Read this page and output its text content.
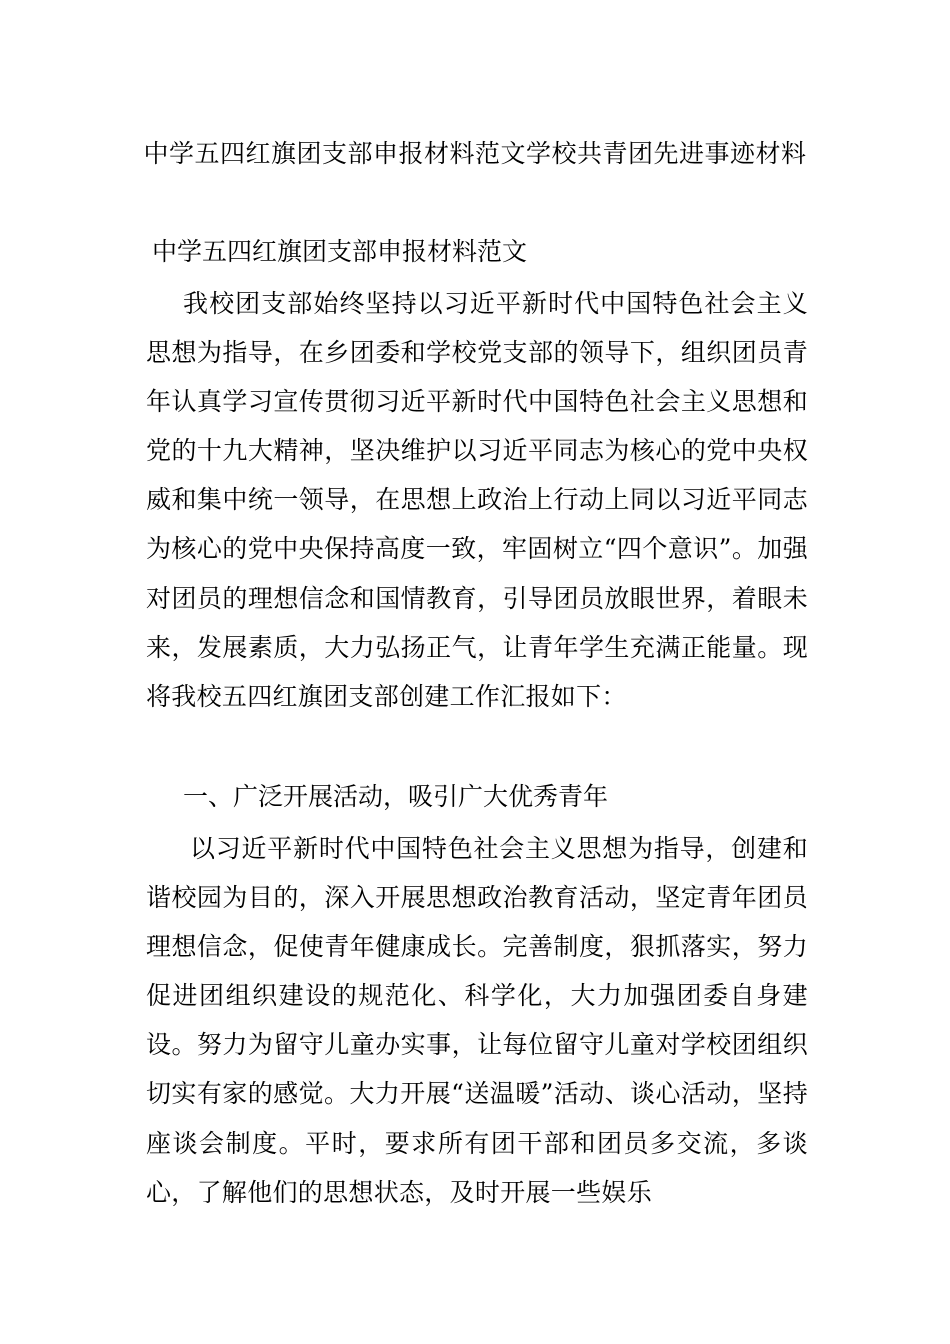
中学五四红旗团支部申报材料范文学校共青团先进事迹材料
中学五四红旗团支部申报材料范文

我校团支部始终坚持以习近平新时代中国特色社会主义思想为指导，在乡团委和学校党支部的领导下，组织团员青年认真学习宣传贯彻习近平新时代中国特色社会主义思想和党的十九大精神，坚决维护以习近平同志为核心的党中央权威和集中统一领导，在思想上政治上行动上同以习近平同志为核心的党中央保持高度一致，牢固树立“四个意识”。加强对团员的理想信念和国情教育，引导团员放眼世界，着眼未来，发展素质，大力弘扬正气，让青年学生充满正能量。现将我校五四红旗团支部创建工作汇报如下：

一、广泛开展活动，吸引广大优秀青年

以习近平新时代中国特色社会主义思想为指导，创建和谐校园为目的，深入开展思想政治教育活动，坚定青年团员理想信念，促使青年健康成长。完善制度，狠抓落实，努力促进团组织建设的规范化、科学化，大力加强团委自身建设。努力为留守儿童办实事，让每位留守儿童对学校团组织切实有家的感觉。大力开展“送温暖”活动、谈心活动，坚持座谈会制度。平时，要求所有团干部和团员多交流，多谈心，了解他们的思想状态，及时开展一些娱乐
